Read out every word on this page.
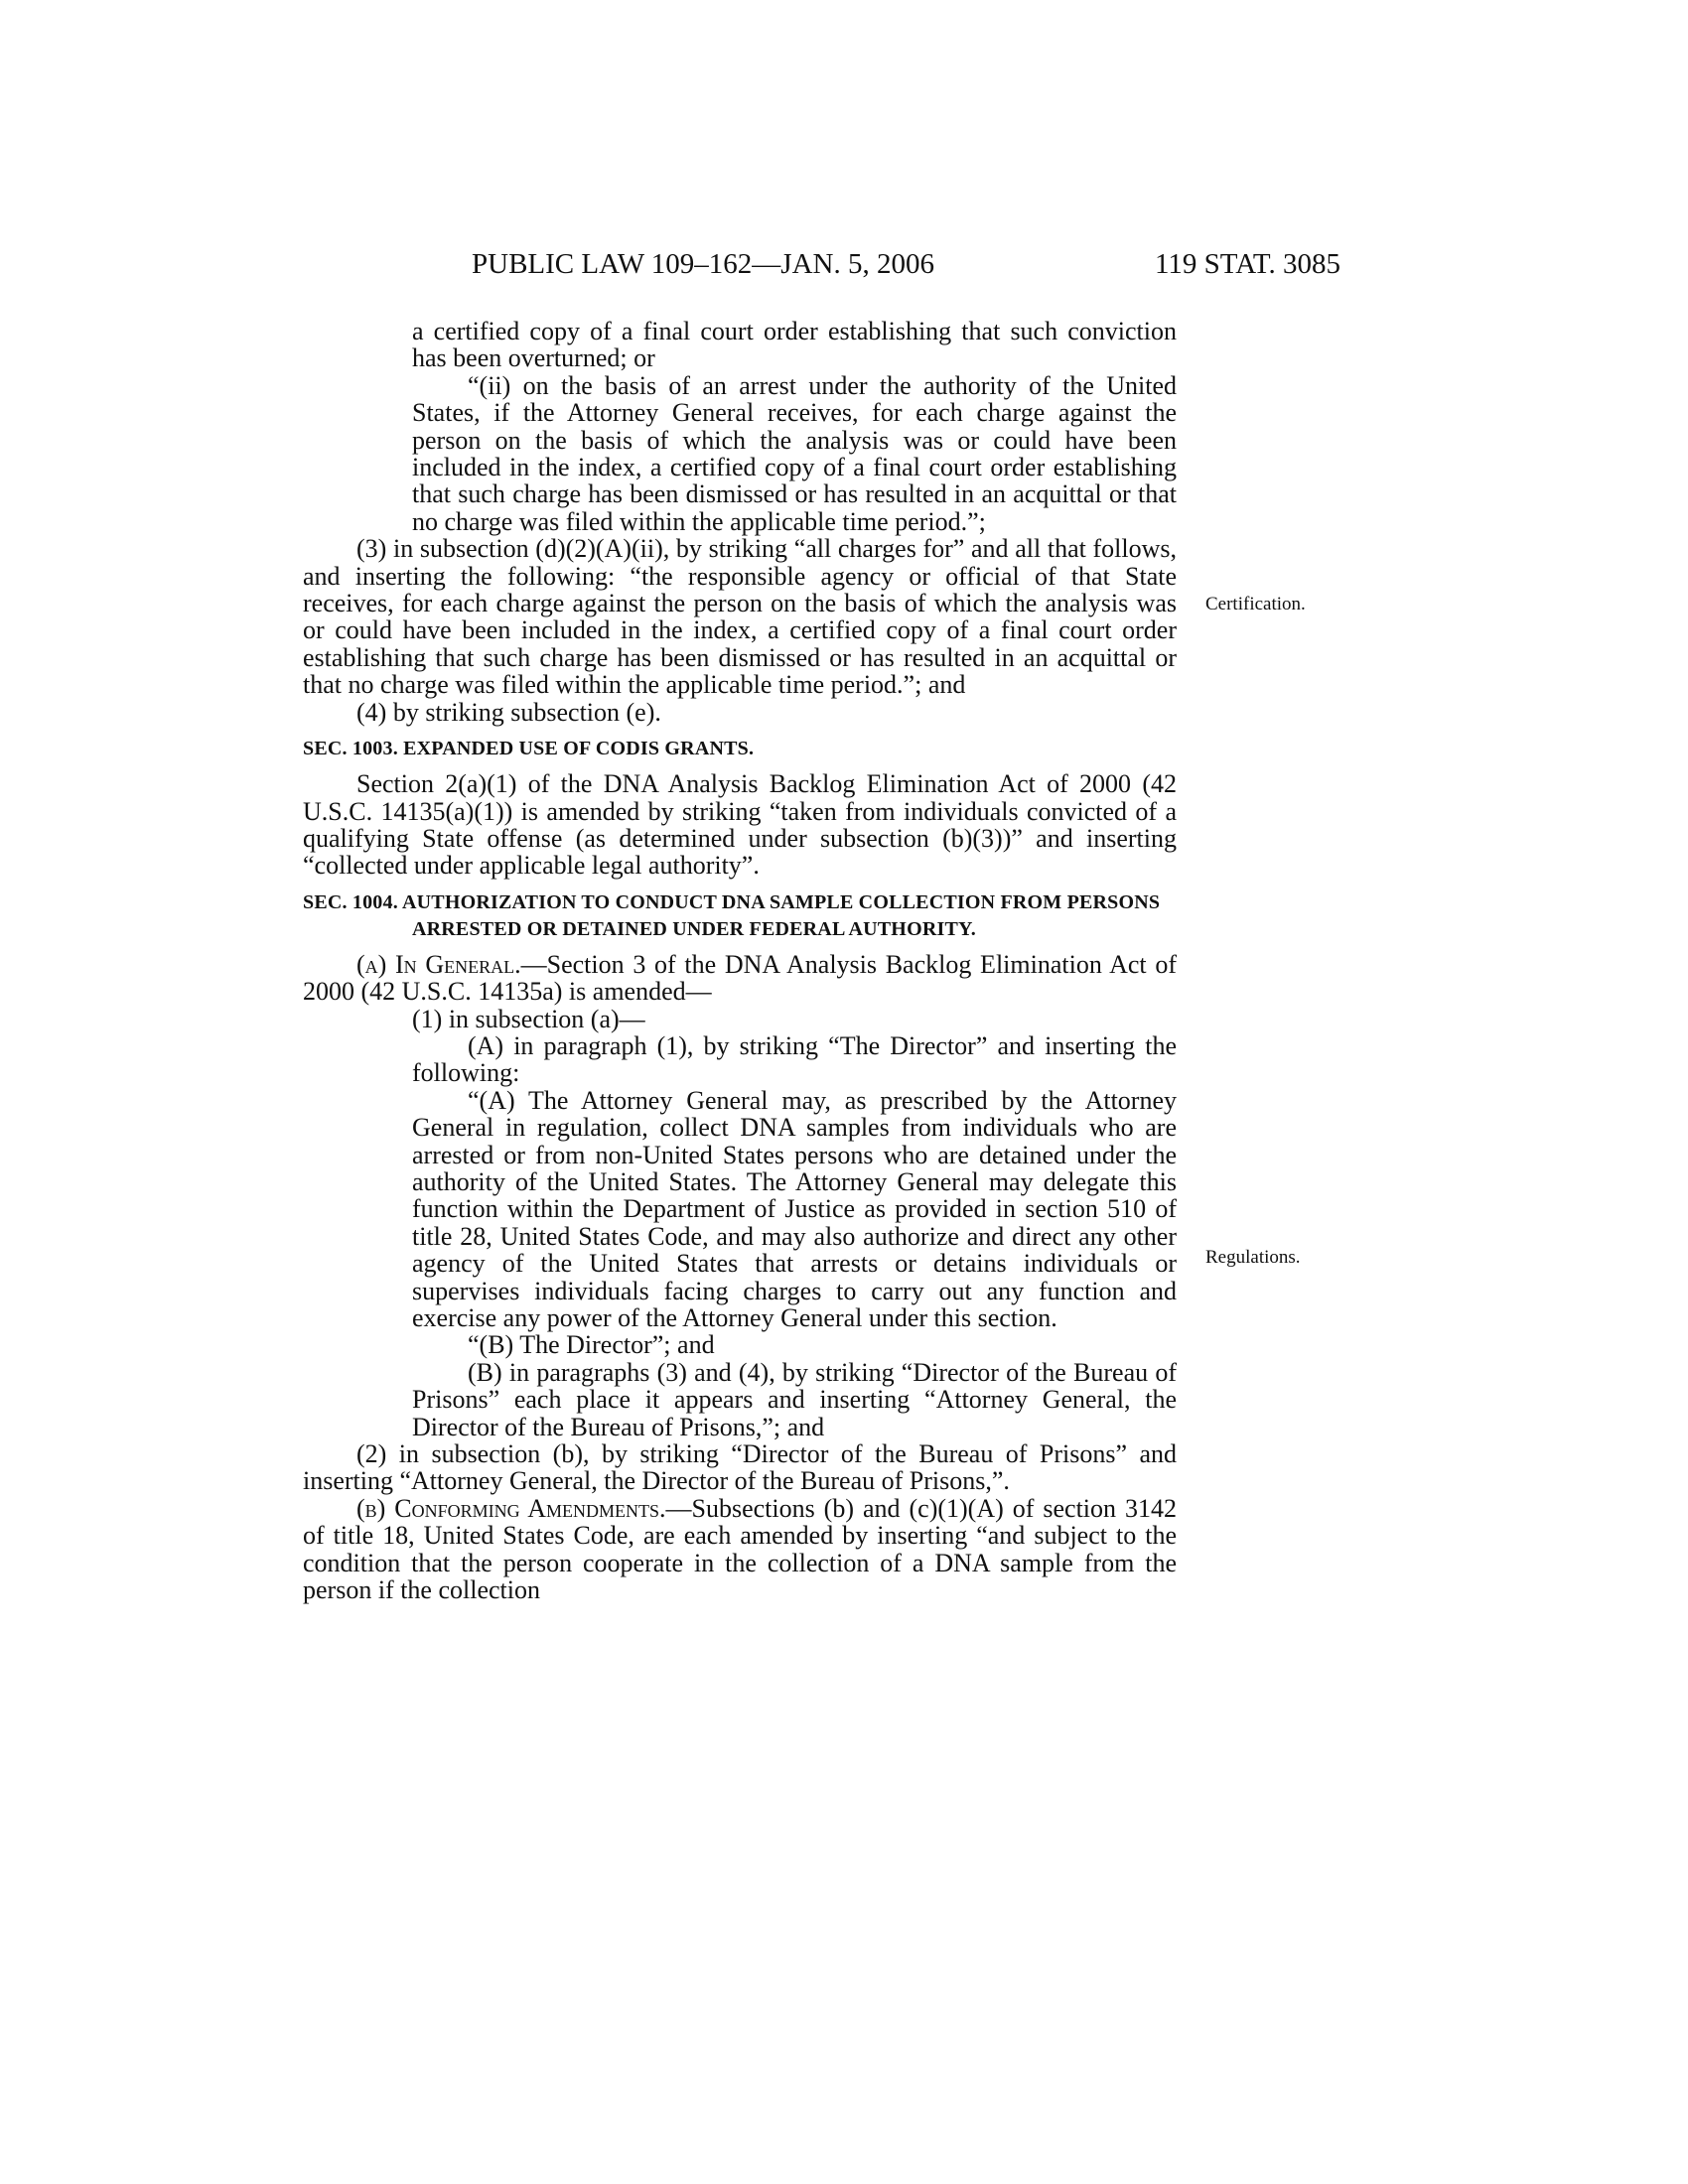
PUBLIC LAW 109–162—JAN. 5, 2006	119 STAT. 3085
Certification.
Regulations.

a certified copy of a final court order establishing that such conviction has been overturned; or

“(ii) on the basis of an arrest under the authority of the United States, if the Attorney General receives, for each charge against the person on the basis of which the analysis was or could have been included in the index, a certified copy of a final court order establishing that such charge has been dismissed or has resulted in an acquittal or that no charge was filed within the applicable time period.”;

(3) in subsection (d)(2)(A)(ii), by striking “all charges for” and all that follows, and inserting the following: “the responsible agency or official of that State receives, for each charge against the person on the basis of which the analysis was or could have been included in the index, a certified copy of a final court order establishing that such charge has been dismissed or has resulted in an acquittal or that no charge was filed within the applicable time period.”; and

(4) by striking subsection (e).

SEC. 1003. EXPANDED USE OF CODIS GRANTS.

Section 2(a)(1) of the DNA Analysis Backlog Elimination Act of 2000 (42 U.S.C. 14135(a)(1)) is amended by striking “taken from individuals convicted of a qualifying State offense (as determined under subsection (b)(3))” and inserting “collected under applicable legal authority”.

SEC. 1004. AUTHORIZATION TO CONDUCT DNA SAMPLE COLLECTION FROM PERSONS ARRESTED OR DETAINED UNDER FEDERAL AUTHORITY.

(a) In General.—Section 3 of the DNA Analysis Backlog Elimination Act of 2000 (42 U.S.C. 14135a) is amended—

(1) in subsection (a)—

(A) in paragraph (1), by striking “The Director” and inserting the following:

“(A) The Attorney General may, as prescribed by the Attorney General in regulation, collect DNA samples from individuals who are arrested or from non-United States persons who are detained under the authority of the United States. The Attorney General may delegate this function within the Department of Justice as provided in section 510 of title 28, United States Code, and may also authorize and direct any other agency of the United States that arrests or detains individuals or supervises individuals facing charges to carry out any function and exercise any power of the Attorney General under this section.

“(B) The Director”; and

(B) in paragraphs (3) and (4), by striking “Director of the Bureau of Prisons” each place it appears and inserting “Attorney General, the Director of the Bureau of Prisons,”; and

(2) in subsection (b), by striking “Director of the Bureau of Prisons” and inserting “Attorney General, the Director of the Bureau of Prisons,”.

(b) Conforming Amendments.—Subsections (b) and (c)(1)(A) of section 3142 of title 18, United States Code, are each amended by inserting “and subject to the condition that the person cooperate in the collection of a DNA sample from the person if the collection
